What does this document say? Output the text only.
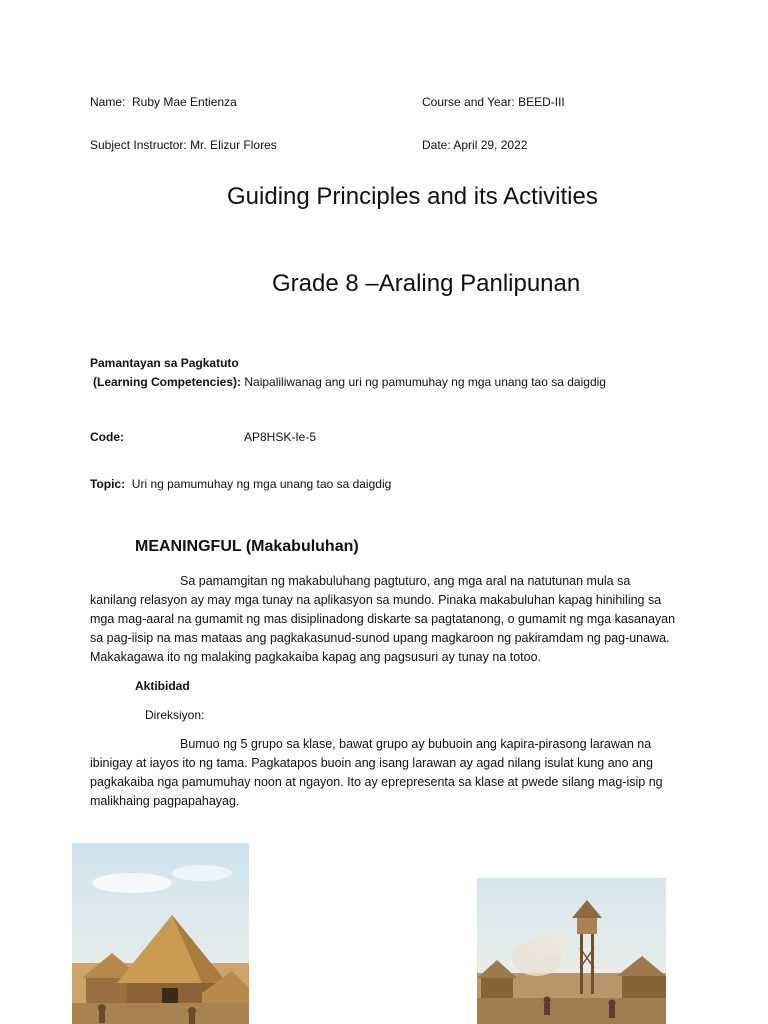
Name: Ruby Mae Entienza	Course and Year: BEED-III
Subject Instructor: Mr. Elizur Flores	Date: April 29, 2022
Guiding Principles and its Activities
Grade 8 –Araling Panlipunan
Pamantayan sa Pagkatuto
(Learning Competencies): Naipaliliwanag ang uri ng pamumuhay ng mga unang tao sa daigdig
Code:	AP8HSK-Ie-5
Topic: Uri ng pamumuhay ng mga unang tao sa daigdig
MEANINGFUL (Makabuluhan)
Sa pamamgitan ng makabuluhang pagtuturo, ang mga aral na natutunan mula sa
kanilang relasyon ay may mga tunay na aplikasyon sa mundo. Pinaka makabuluhan kapag hinihiling sa
mga mag-aaral na gumamit ng mas disiplinadong diskarte sa pagtatanong, o gumamit ng mga kasanayan
sa pag-iisip na mas mataas ang pagkakasunud-sunod upang magkaroon ng pakiramdam ng pag-unawa.
Makakagawa ito ng malaking pagkakaiba kapag ang pagsusuri ay tunay na totoo.
Aktibidad
Direksiyon:
Bumuo ng 5 grupo sa klase, bawat grupo ay bubuoin ang kapira-pirasong larawan na
ibinigay at iayos ito ng tama. Pagkatapos buoin ang isang larawan ay agad nilang isulat kung ano ang
pagkakaiba nga pamumuhay noon at ngayon. Ito ay eprepresenta sa klase at pwede silang mag-isip ng
malikhaing pagpapahayag.
